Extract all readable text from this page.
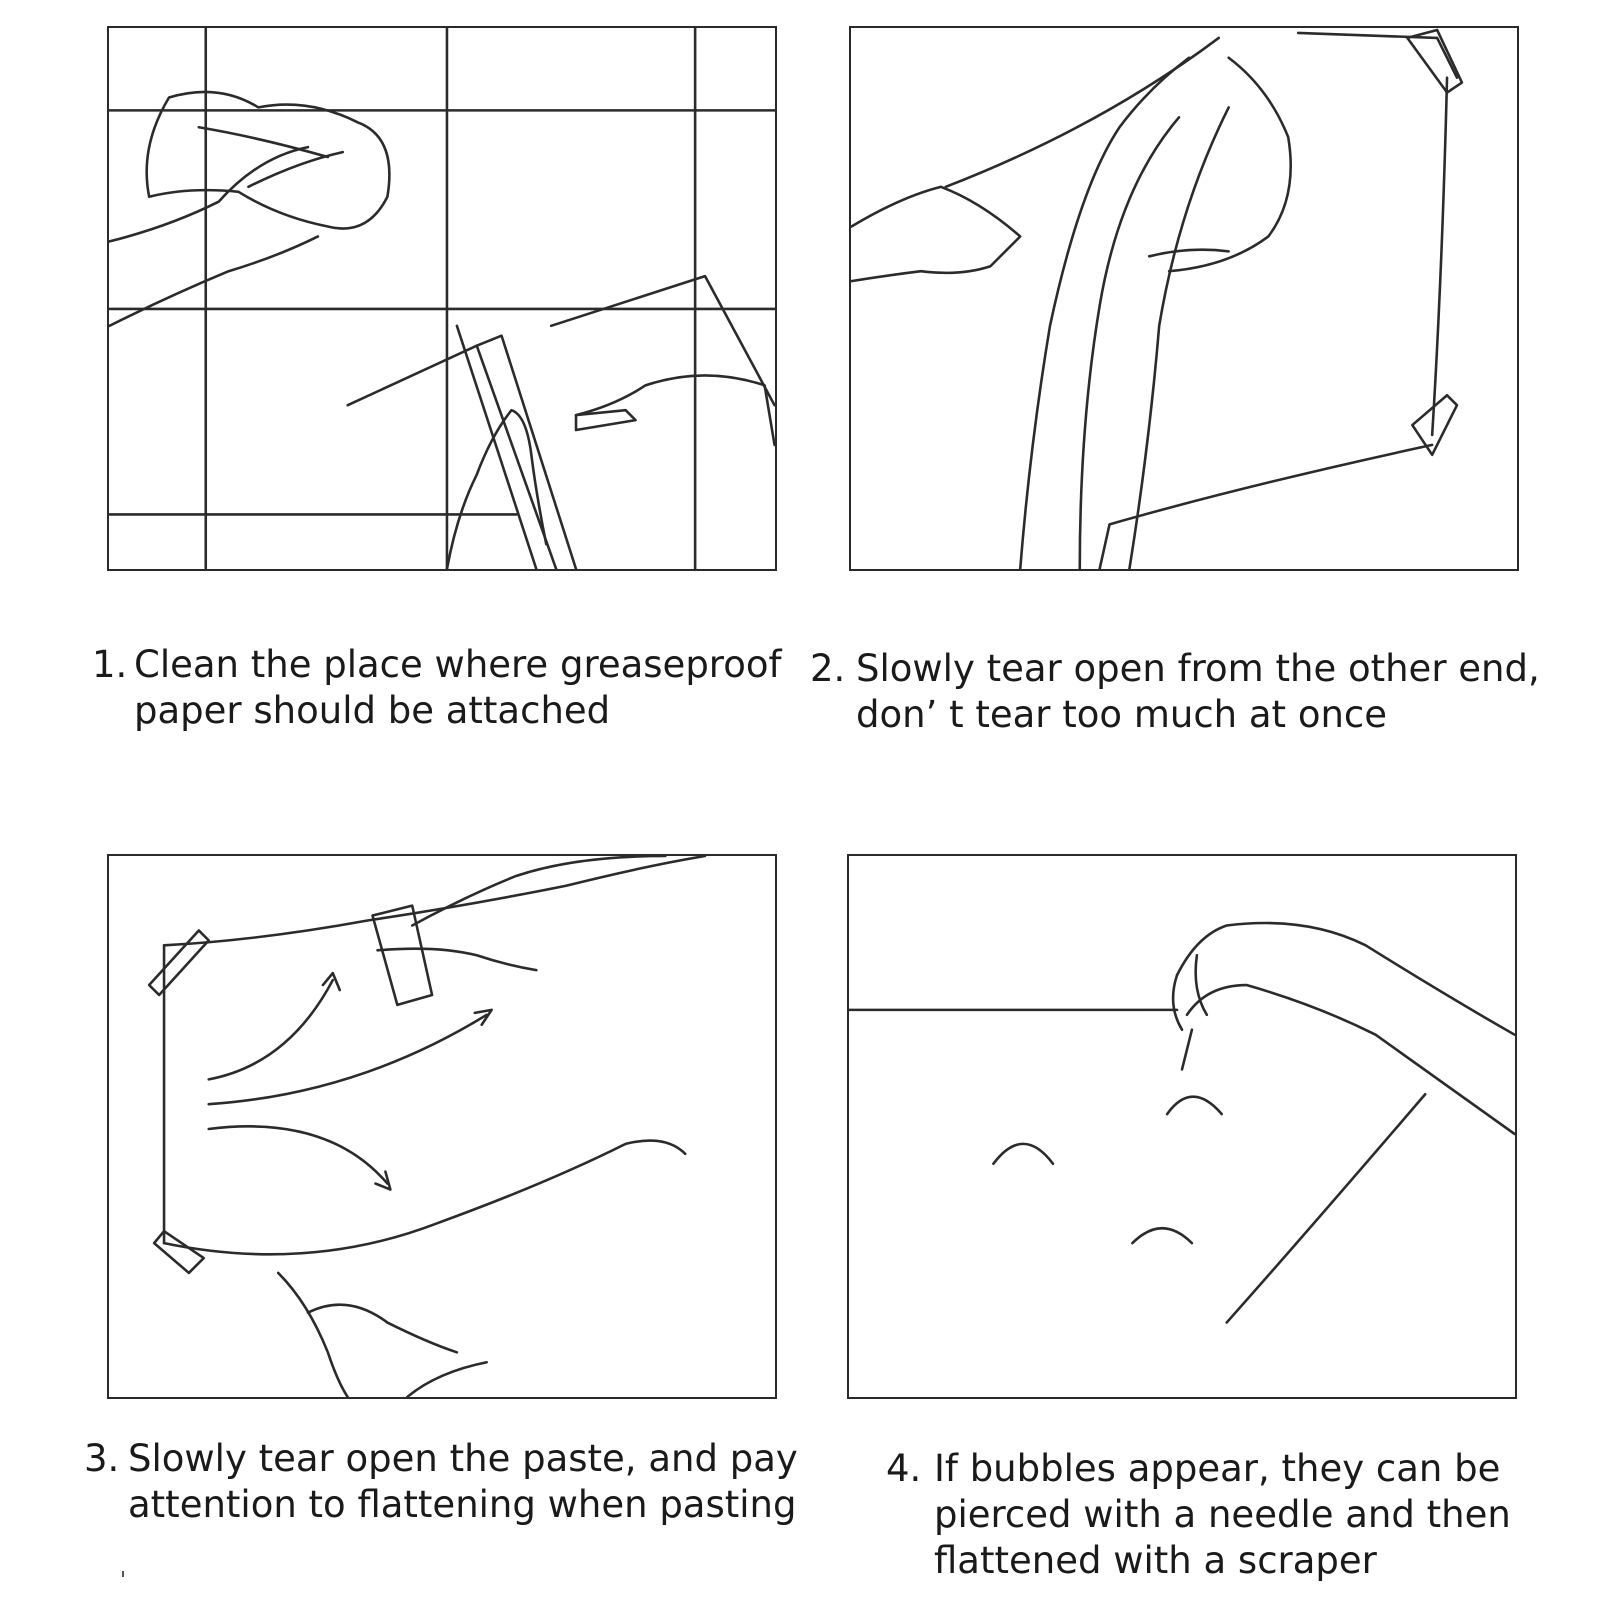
1. Clean the place where greaseproof
paper should be attached
2. Slowly tear open from the other end,
don’ t tear too much at once
3. Slowly tear open the paste, and pay
attention to flattening when pasting
4. If bubbles appear, they can be
pierced with a needle and then
flattened with a scraper
